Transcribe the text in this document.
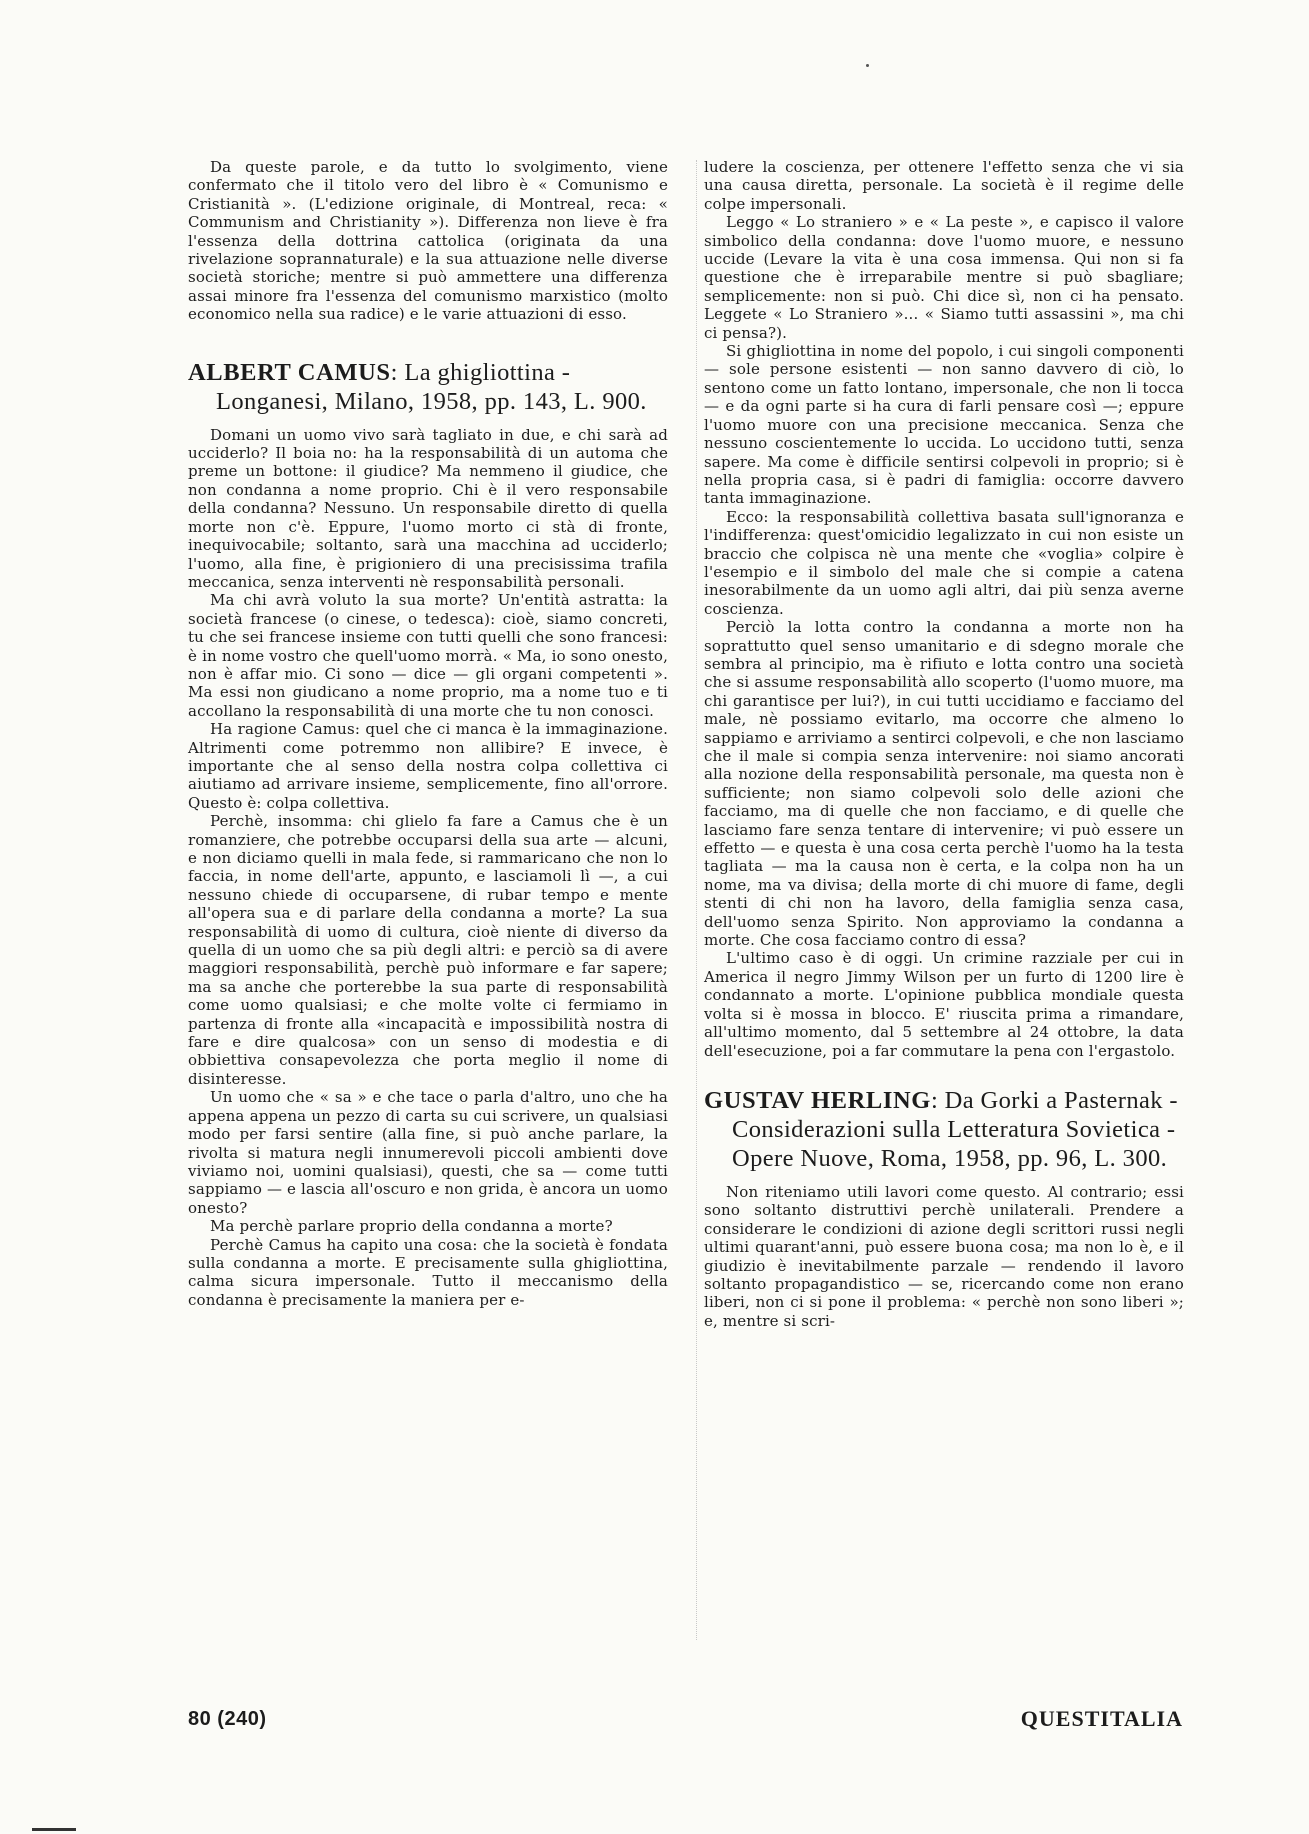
Da queste parole, e da tutto lo svolgimento, viene confermato che il titolo vero del libro è « Comunismo e Cristianità ». (L'edizione originale, di Montreal, reca: « Communism and Christianity »). Differenza non lieve è fra l'essenza della dottrina cattolica (originata da una rivelazione soprannaturale) e la sua attuazione nelle diverse società storiche; mentre si può ammettere una differenza assai minore fra l'essenza del comunismo marxistico (molto economico nella sua radice) e le varie attuazioni di esso.

ALBERT CAMUS: La ghigliottina - Longanesi, Milano, 1958, pp. 143, L. 900.

Domani un uomo vivo sarà tagliato in due, e chi sarà ad ucciderlo? Il boia no: ha la responsabilità di un automa che preme un bottone: il giudice? Ma nemmeno il giudice, che non condanna a nome proprio. Chi è il vero responsabile della condanna? Nessuno. Un responsabile diretto di quella morte non c'è. Eppure, l'uomo morto ci stà di fronte, inequivocabile; soltanto, sarà una macchina ad ucciderlo; l'uomo, alla fine, è prigioniero di una precisissima trafila meccanica, senza interventi nè responsabilità personali.

Ma chi avrà voluto la sua morte? Un'entità astratta: la società francese (o cinese, o tedesca): cioè, siamo concreti, tu che sei francese insieme con tutti quelli che sono francesi: è in nome vostro che quell'uomo morrà. « Ma, io sono onesto, non è affar mio. Ci sono — dice — gli organi competenti ». Ma essi non giudicano a nome proprio, ma a nome tuo e ti accollano la responsabilità di una morte che tu non conosci.

Ha ragione Camus: quel che ci manca è la immaginazione. Altrimenti come potremmo non allibire? E invece, è importante che al senso della nostra colpa collettiva ci aiutiamo ad arrivare insieme, semplicemente, fino all'orrore. Questo è: colpa collettiva.

Perchè, insomma: chi glielo fa fare a Camus che è un romanziere, che potrebbe occuparsi della sua arte — alcuni, e non diciamo quelli in mala fede, si rammaricano che non lo faccia, in nome dell'arte, appunto, e lasciamoli lì —, a cui nessuno chiede di occuparsene, di rubar tempo e mente all'opera sua e di parlare della condanna a morte? La sua responsabilità di uomo di cultura, cioè niente di diverso da quella di un uomo che sa più degli altri: e perciò sa di avere maggiori responsabilità, perchè può informare e far sapere; ma sa anche che porterebbe la sua parte di responsabilità come uomo qualsiasi; e che molte volte ci fermiamo in partenza di fronte alla «incapacità e impossibilità nostra di fare e dire qualcosa» con un senso di modestia e di obbiettiva consapevolezza che porta meglio il nome di disinteresse.

Un uomo che « sa » e che tace o parla d'altro, uno che ha appena appena un pezzo di carta su cui scrivere, un qualsiasi modo per farsi sentire (alla fine, si può anche parlare, la rivolta si matura negli innumerevoli piccoli ambienti dove viviamo noi, uomini qualsiasi), questi, che sa — come tutti sappiamo — e lascia all'oscuro e non grida, è ancora un uomo onesto?

Ma perchè parlare proprio della condanna a morte?

Perchè Camus ha capito una cosa: che la società è fondata sulla condanna a morte. E precisamente sulla ghigliottina, calma sicura impersonale. Tutto il meccanismo della condanna è precisamente la maniera per e-

ludere la coscienza, per ottenere l'effetto senza che vi sia una causa diretta, personale. La società è il regime delle colpe impersonali.

Leggo « Lo straniero » e « La peste », e capisco il valore simbolico della condanna: dove l'uomo muore, e nessuno uccide (Levare la vita è una cosa immensa. Qui non si fa questione che è irreparabile mentre si può sbagliare; semplicemente: non si può. Chi dice sì, non ci ha pensato. Leggete « Lo Straniero »... « Siamo tutti assassini », ma chi ci pensa?).

Si ghigliottina in nome del popolo, i cui singoli componenti — sole persone esistenti — non sanno davvero di ciò, lo sentono come un fatto lontano, impersonale, che non li tocca — e da ogni parte si ha cura di farli pensare così —; eppure l'uomo muore con una precisione meccanica. Senza che nessuno coscientemente lo uccida. Lo uccidono tutti, senza sapere. Ma come è difficile sentirsi colpevoli in proprio; si è nella propria casa, si è padri di famiglia: occorre davvero tanta immaginazione.

Ecco: la responsabilità collettiva basata sull'ignoranza e l'indifferenza: quest'omicidio legalizzato in cui non esiste un braccio che colpisca nè una mente che «voglia» colpire è l'esempio e il simbolo del male che si compie a catena inesorabilmente da un uomo agli altri, dai più senza averne coscienza.

Perciò la lotta contro la condanna a morte non ha soprattutto quel senso umanitario e di sdegno morale che sembra al principio, ma è rifiuto e lotta contro una società che si assume responsabilità allo scoperto (l'uomo muore, ma chi garantisce per lui?), in cui tutti uccidiamo e facciamo del male, nè possiamo evitarlo, ma occorre che almeno lo sappiamo e arriviamo a sentirci colpevoli, e che non lasciamo che il male si compia senza intervenire: noi siamo ancorati alla nozione della responsabilità personale, ma questa non è sufficiente; non siamo colpevoli solo delle azioni che facciamo, ma di quelle che non facciamo, e di quelle che lasciamo fare senza tentare di intervenire; vi può essere un effetto — e questa è una cosa certa perchè l'uomo ha la testa tagliata — ma la causa non è certa, e la colpa non ha un nome, ma va divisa; della morte di chi muore di fame, degli stenti di chi non ha lavoro, della famiglia senza casa, dell'uomo senza Spirito. Non approviamo la condanna a morte. Che cosa facciamo contro di essa?

L'ultimo caso è di oggi. Un crimine razziale per cui in America il negro Jimmy Wilson per un furto di 1200 lire è condannato a morte. L'opinione pubblica mondiale questa volta si è mossa in blocco. E' riuscita prima a rimandare, all'ultimo momento, dal 5 settembre al 24 ottobre, la data dell'esecuzione, poi a far commutare la pena con l'ergastolo.

GUSTAV HERLING: Da Gorki a Pasternak - Considerazioni sulla Letteratura Sovietica - Opere Nuove, Roma, 1958, pp. 96, L. 300.

Non riteniamo utili lavori come questo. Al contrario; essi sono soltanto distruttivi perchè unilaterali. Prendere a considerare le condizioni di azione degli scrittori russi negli ultimi quarant'anni, può essere buona cosa; ma non lo è, e il giudizio è inevitabilmente parzale — rendendo il lavoro soltanto propagandistico — se, ricercando come non erano liberi, non ci si pone il problema: « perchè non sono liberi »; e, mentre si scri-

80 (240)	QUESTITALIA
